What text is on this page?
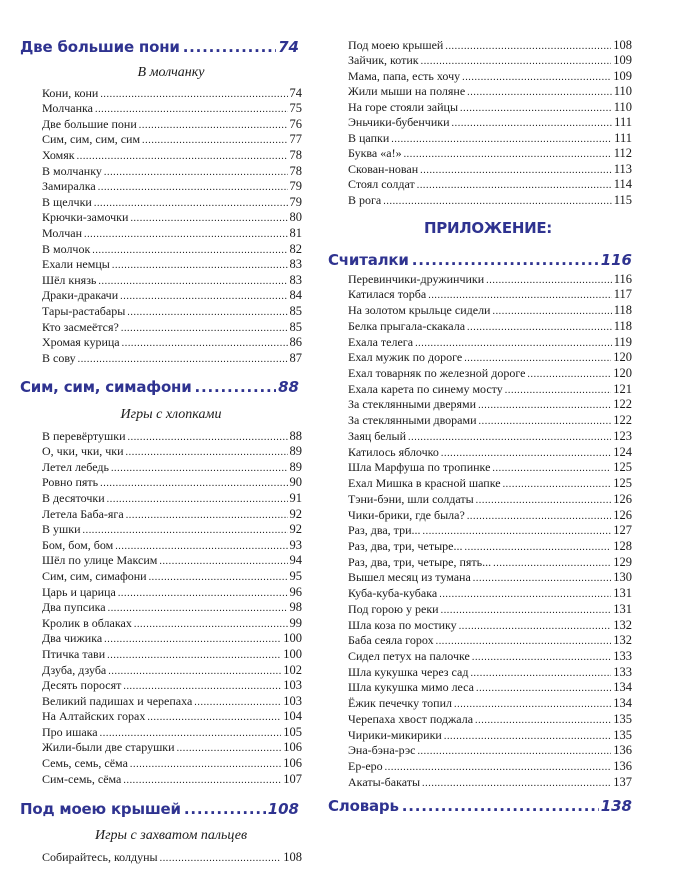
Две большие пони .....	74
В молчанку
Кони, кони .....	74
Молчанка .....	75
Две большие пони .....	76
Сим, сим, сим, сим .....	77
Хомяк .....	78
В молчанку .....	78
Замиралка .....	79
В щелчки .....	79
Крючки-замочки .....	80
Молчан .....	81
В молчок .....	82
Ехали немцы .....	83
Шёл князь .....	83
Драки-дракачи .....	84
Тары-растабары .....	85
Кто засмеётся? .....	85
Хромая курица .....	86
В сову .....	87
Сим, сим, симафони .....	88
Игры с хлопками
В перевёртушки .....	88
О, чки, чки, чки .....	89
Летел лебедь .....	89
Ровно пять .....	90
В десяточки .....	91
Летела Баба-яга .....	92
В ушки .....	92
Бом, бом, бом .....	93
Шёл по улице Максим .....	94
Сим, сим, симафони .....	95
Царь и царица .....	96
Два пупсика .....	98
Кролик в облаках .....	99
Два чижика .....	100
Птичка тави .....	100
Дзуба, дзуба .....	102
Десять поросят .....	103
Великий падишах и черепаха .....	103
На Алтайских горах .....	104
Про ишака .....	105
Жили-были две старушки .....	106
Семь, семь, сёма .....	106
Сим-семь, сёма .....	107
Под моею крышей .....	108
Игры с захватом пальцев
Собирайтесь, колдуны .....	108
Под моею крышей .....	108
Зайчик, котик .....	109
Мама, папа, есть хочу .....	109
Жили мыши на поляне .....	110
На горе стояли зайцы .....	110
Эньчики-бубенчики .....	111
В цапки .....	111
Буква «а!» .....	112
Скован-нован .....	113
Стоял солдат .....	114
В рога .....	115
ПРИЛОЖЕНИЕ:
Считалки .....	116
Перевинчики-дружинчики .....	116
Катилася торба .....	117
На золотом крыльце сидели .....	118
Белка прыгала-скакала .....	118
Ехала телега .....	119
Ехал мужик по дороге .....	120
Ехал товарняк по железной дороге .....	120
Ехала карета по синему мосту .....	121
За стеклянными дверями .....	122
За стеклянными дворами .....	122
Заяц белый .....	123
Катилось яблочко .....	124
Шла Марфуша по тропинке .....	125
Ехал Мишка в красной шапке .....	125
Тэни-бэни, шли солдаты .....	126
Чики-брики, где была? .....	126
Раз, два, три... .....	127
Раз, два, три, четыре... .....	128
Раз, два, три, четыре, пять... .....	129
Вышел месяц из тумана .....	130
Куба-куба-кубака .....	131
Под горою у реки .....	131
Шла коза по мостику .....	132
Баба сеяла горох .....	132
Сидел петух на палочке .....	133
Шла кукушка через сад .....	133
Шла кукушка мимо леса .....	134
Ёжик печечку топил .....	134
Черепаха хвост поджала .....	135
Чирики-микирики .....	135
Эна-бэна-рэс .....	136
Ер-еро .....	136
Акаты-бакаты .....	137
Словарь .....	138
